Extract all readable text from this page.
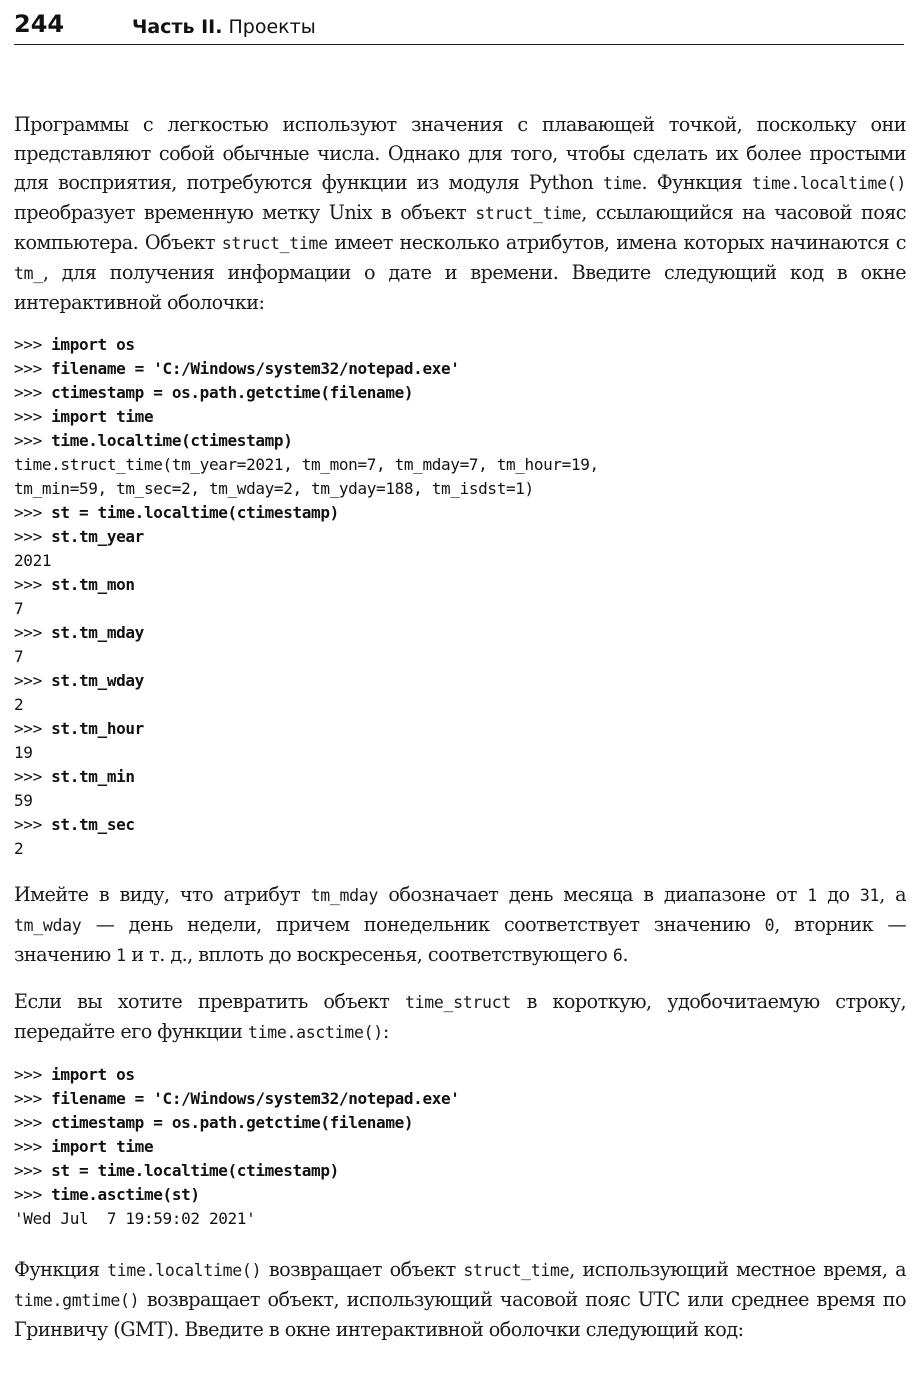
244	Часть II. Проекты

Программы с легкостью используют значения с плавающей точкой, поскольку они представляют собой обычные числа. Однако для того, чтобы сделать их более простыми для восприятия, потребуются функции из модуля Python time. Функция time.localtime() преобразует временную метку Unix в объект struct_time, ссылающийся на часовой пояс компьютера. Объект struct_time имеет несколько атрибутов, имена которых начинаются с tm_, для получения информации о дате и времени. Введите следующий код в окне интерактивной оболочки:

>>> import os
>>> filename = 'C:/Windows/system32/notepad.exe'
>>> ctimestamp = os.path.getctime(filename)
>>> import time
>>> time.localtime(ctimestamp)
time.struct_time(tm_year=2021, tm_mon=7, tm_mday=7, tm_hour=19,
tm_min=59, tm_sec=2, tm_wday=2, tm_yday=188, tm_isdst=1)
>>> st = time.localtime(ctimestamp)
>>> st.tm_year
2021
>>> st.tm_mon
7
>>> st.tm_mday
7
>>> st.tm_wday
2
>>> st.tm_hour
19
>>> st.tm_min
59
>>> st.tm_sec
2

Имейте в виду, что атрибут tm_mday обозначает день месяца в диапазоне от 1 до 31, а tm_wday — день недели, причем понедельник соответствует значению 0, вторник — значению 1 и т. д., вплоть до воскресенья, соответствующего 6.

Если вы хотите превратить объект time_struct в короткую, удобочитаемую строку, передайте его функции time.asctime():

>>> import os
>>> filename = 'C:/Windows/system32/notepad.exe'
>>> ctimestamp = os.path.getctime(filename)
>>> import time
>>> st = time.localtime(ctimestamp)
>>> time.asctime(st)
'Wed Jul  7 19:59:02 2021'

Функция time.localtime() возвращает объект struct_time, использующий местное время, а time.gmtime() возвращает объект, использующий часовой пояс UTC или среднее время по Гринвичу (GMT). Введите в окне интерактивной оболочки следующий код:
